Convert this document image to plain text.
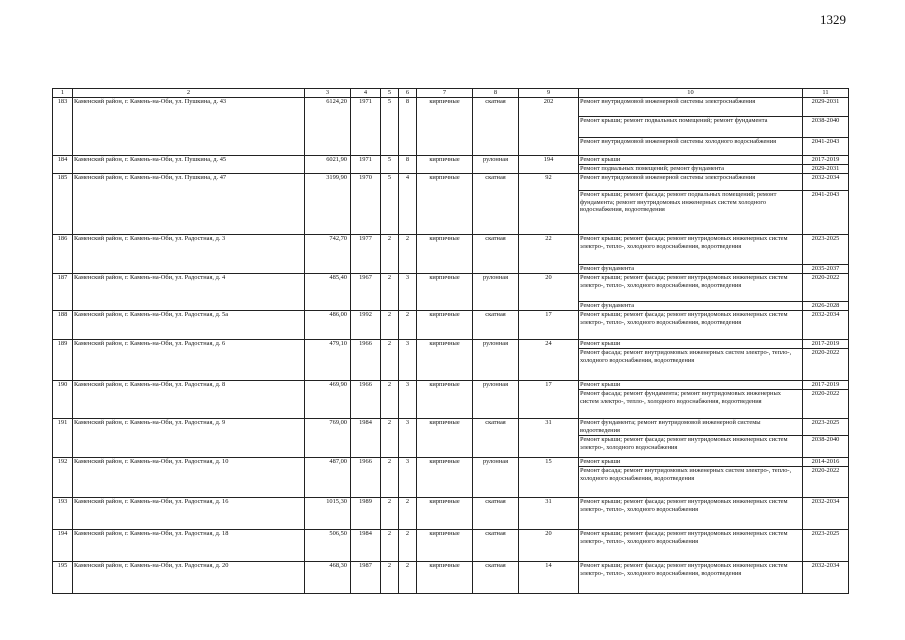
1329
1	2	3	4	5	6	7	8	9	10	11
183	Каменский район, г. Камень-на-Оби, ул. Пушкина, д. 43	6124,20	1971	5	8	кирпичные	скатная	202	Ремонт внутридомовой инженерной системы электроснабжения	2029-2031
									Ремонт крыши; ремонт подвальных помещений; ремонт фундамента	2038-2040
									Ремонт внутридомовой инженерной системы холодного водоснабжения	2041-2043
184	Каменский район, г. Камень-на-Оби, ул. Пушкина, д. 45	6021,90	1971	5	8	кирпичные	рулонная	194	Ремонт крыши	2017-2019
									Ремонт подвальных помещений; ремонт фундамента	2029-2031
185	Каменский район, г. Камень-на-Оби, ул. Пушкина, д. 47	3199,90	1970	5	4	кирпичные	скатная	92	Ремонт внутридомовой инженерной системы электроснабжения	2032-2034
									Ремонт крыши; ремонт фасада; ремонт подвальных помещений; ремонт фундамента; ремонт внутридомовых инженерных систем холодного водоснабжения, водоотведения	2041-2043
186	Каменский район, г. Камень-на-Оби, ул. Радостная, д. 3	742,70	1977	2	2	кирпичные	скатная	22	Ремонт крыши; ремонт фасада; ремонт внутридомовых инженерных систем электро-, тепло-, холодного водоснабжения, водоотведения	2023-2025
									Ремонт фундамента	2035-2037
187	Каменский район, г. Камень-на-Оби, ул. Радостная, д. 4	485,40	1967	2	3	кирпичные	рулонная	20	Ремонт крыши; ремонт фасада; ремонт внутридомовых инженерных систем электро-, тепло-, холодного водоснабжения, водоотведения	2020-2022
									Ремонт фундамента	2026-2028
188	Каменский район, г. Камень-на-Оби, ул. Радостная, д. 5а	486,00	1992	2	2	кирпичные	скатная	17	Ремонт крыши; ремонт фасада; ремонт внутридомовых инженерных систем электро-, тепло-, холодного водоснабжения, водоотведения	2032-2034
189	Каменский район, г. Камень-на-Оби, ул. Радостная, д. 6	479,10	1966	2	3	кирпичные	рулонная	24	Ремонт крыши	2017-2019
									Ремонт фасада; ремонт внутридомовых инженерных систем электро-, тепло-, холодного водоснабжения, водоотведения	2020-2022
190	Каменский район, г. Камень-на-Оби, ул. Радостная, д. 8	469,90	1966	2	3	кирпичные	рулонная	17	Ремонт крыши	2017-2019
									Ремонт фасада; ремонт фундамента; ремонт внутридомовых инженерных систем электро-, тепло-, холодного водоснабжения, водоотведения	2020-2022
191	Каменский район, г. Камень-на-Оби, ул. Радостная, д. 9	769,00	1984	2	3	кирпичные	скатная	31	Ремонт фундамента; ремонт внутридомовой инженерной системы водоотведения	2023-2025
									Ремонт крыши; ремонт фасада; ремонт внутридомовых инженерных систем электро-, холодного водоснабжения	2038-2040
192	Каменский район, г. Камень-на-Оби, ул. Радостная, д. 10	487,00	1966	2	3	кирпичные	рулонная	15	Ремонт крыши	2014-2016
									Ремонт фасада; ремонт внутридомовых инженерных систем электро-, тепло-, холодного водоснабжения, водоотведения	2020-2022
193	Каменский район, г. Камень-на-Оби, ул. Радостная, д. 16	1015,30	1989	2	2	кирпичные	скатная	31	Ремонт крыши; ремонт фасада; ремонт внутридомовых инженерных систем электро-, тепло-, холодного водоснабжения	2032-2034
194	Каменский район, г. Камень-на-Оби, ул. Радостная, д. 18	506,50	1984	2	2	кирпичные	скатная	20	Ремонт крыши; ремонт фасада; ремонт внутридомовых инженерных систем электро-, тепло-, холодного водоснабжения	2023-2025
195	Каменский район, г. Камень-на-Оби, ул. Радостная, д. 20	468,30	1987	2	2	кирпичные	скатная	14	Ремонт крыши; ремонт фасада; ремонт внутридомовых инженерных систем электро-, тепло-, холодного водоснабжения, водоотведения	2032-2034
